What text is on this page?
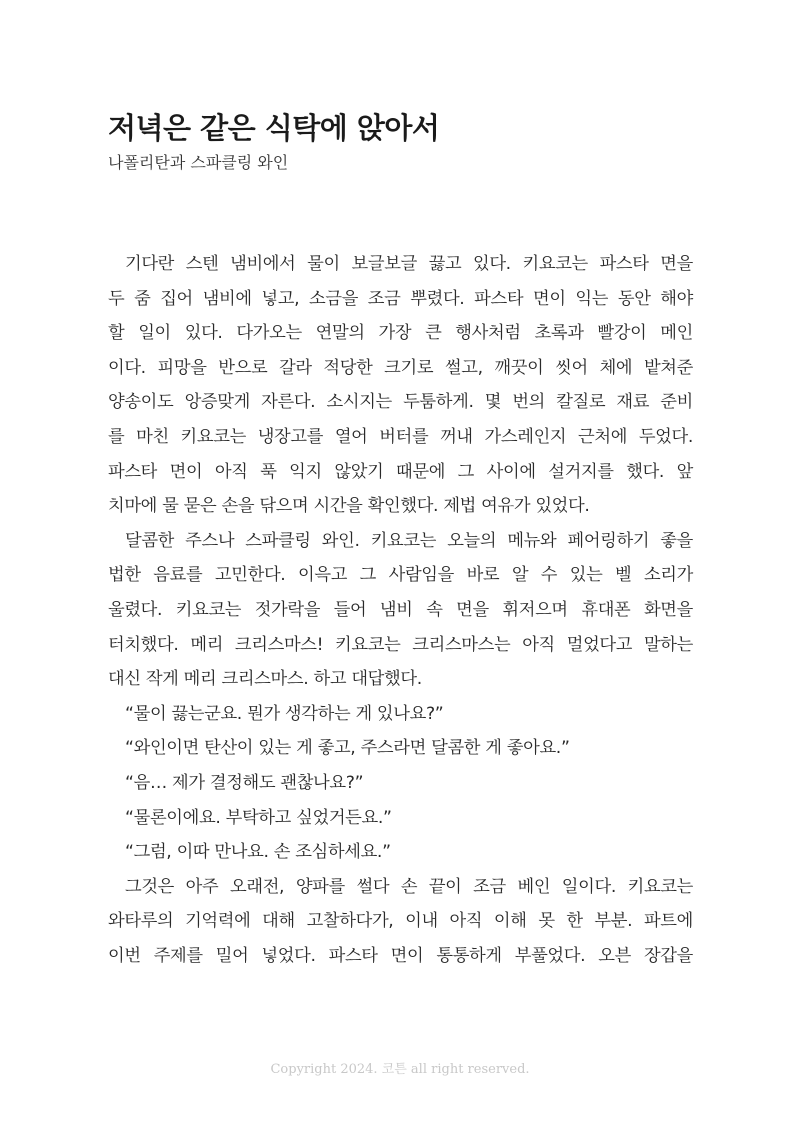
저녁은 같은 식탁에 앉아서

나폴리탄과 스파클링 와인

기다란 스텐 냄비에서 물이 보글보글 끓고 있다. 키요코는 파스타 면을
두 줌 집어 냄비에 넣고, 소금을 조금 뿌렸다. 파스타 면이 익는 동안 해야
할 일이 있다. 다가오는 연말의 가장 큰 행사처럼 초록과 빨강이 메인
이다. 피망을 반으로 갈라 적당한 크기로 썰고, 깨끗이 씻어 체에 밭쳐준
양송이도 앙증맞게 자른다. 소시지는 두툼하게. 몇 번의 칼질로 재료 준비
를 마친 키요코는 냉장고를 열어 버터를 꺼내 가스레인지 근처에 두었다.
파스타 면이 아직 푹 익지 않았기 때문에 그 사이에 설거지를 했다. 앞
치마에 물 묻은 손을 닦으며 시간을 확인했다. 제법 여유가 있었다.
달콤한 주스나 스파클링 와인. 키요코는 오늘의 메뉴와 페어링하기 좋을
법한 음료를 고민한다. 이윽고 그 사람임을 바로 알 수 있는 벨 소리가
울렸다. 키요코는 젓가락을 들어 냄비 속 면을 휘저으며 휴대폰 화면을
터치했다. 메리 크리스마스! 키요코는 크리스마스는 아직 멀었다고 말하는
대신 작게 메리 크리스마스. 하고 대답했다.
“물이 끓는군요. 뭔가 생각하는 게 있나요?”
“와인이면 탄산이 있는 게 좋고, 주스라면 달콤한 게 좋아요.”
“음… 제가 결정해도 괜찮나요?”
“물론이에요. 부탁하고 싶었거든요.”
“그럼, 이따 만나요. 손 조심하세요.”
그것은 아주 오래전, 양파를 썰다 손 끝이 조금 베인 일이다. 키요코는
와타루의 기억력에 대해 고찰하다가, 이내 아직 이해 못 한 부분. 파트에
이번 주제를 밀어 넣었다. 파스타 면이 통통하게 부풀었다. 오븐 장갑을
Copyright 2024. 코튼 all right reserved.
